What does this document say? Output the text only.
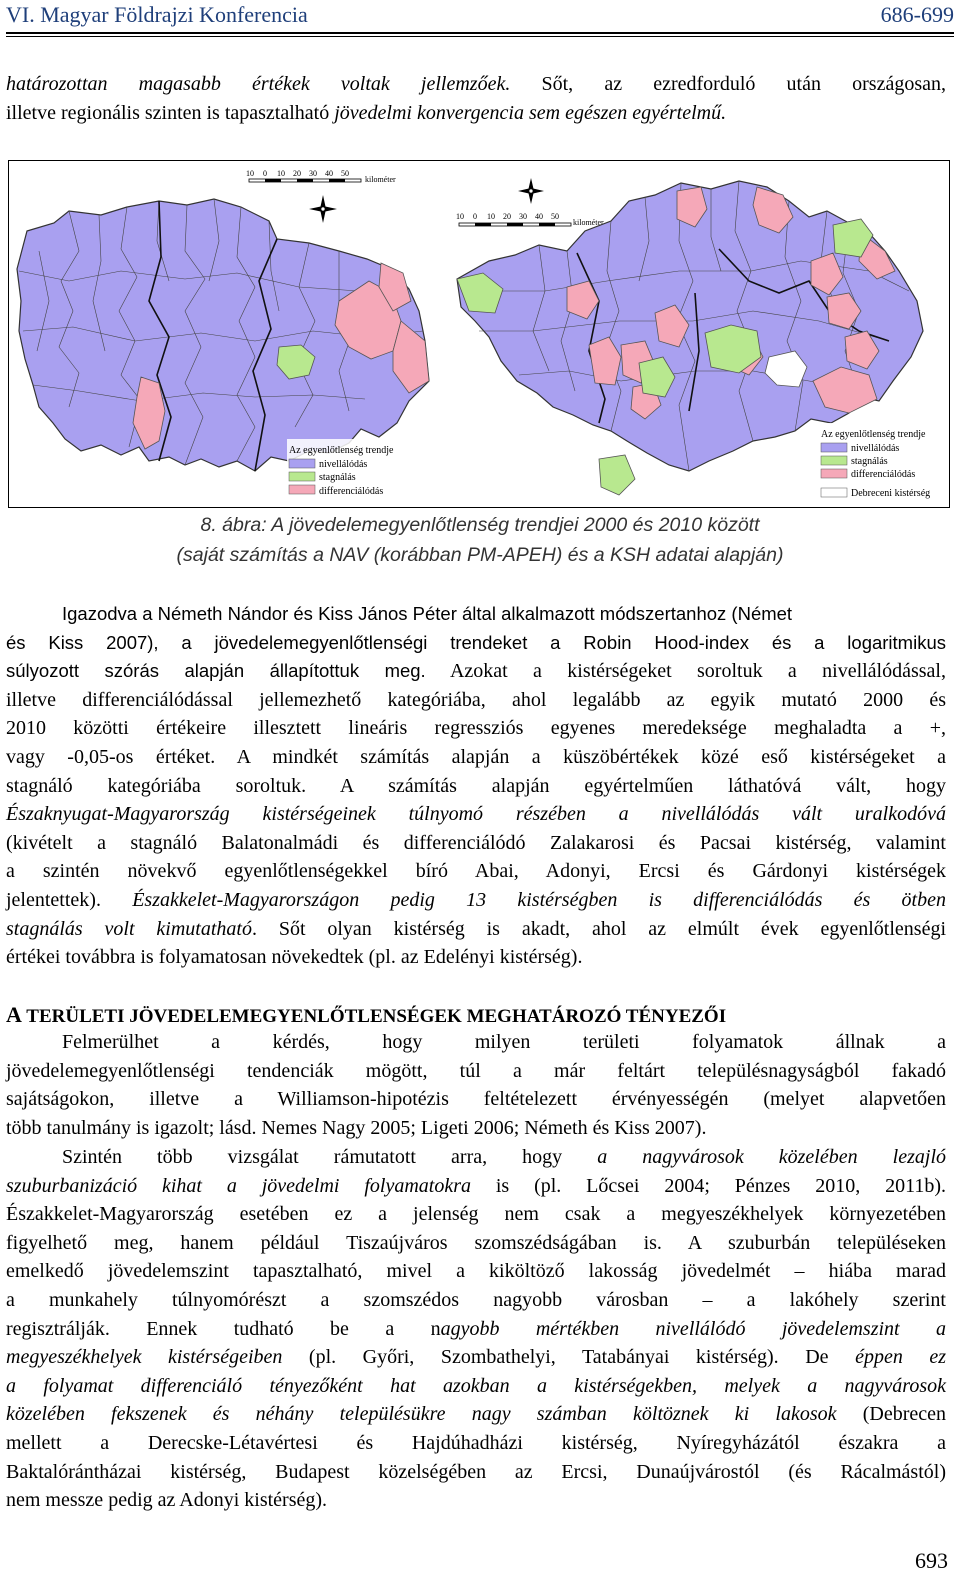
VI. Magyar Földrajzi Konferencia	686-699
határozottan magasabb értékek voltak jellemzőek. Sőt, az ezredforduló után országosan,
illetve regionális szinten is tapasztalható jövedelmi konvergencia sem egészen egyértelmű.
10 0 10 20 30 40 50
kilométer
Az egyenlőtlenség trendje
nivellálódás
stagnálás
differenciálódás
10 0 10 20 30 40 50
kilométer
Az egyenlőtlenség trendje
nivellálódás
stagnálás
differenciálódás
Debreceni kistérség
8. ábra: A jövedelemegyenlőtlenség trendjei 2000 és 2010 között
(saját számítás a NAV (korábban PM-APEH) és a KSH adatai alapján)
Igazodva a Németh Nándor és Kiss János Péter által alkalmazott módszertanhoz (Német
és Kiss 2007), a jövedelemegyenlőtlenségi trendeket a Robin Hood-index és a logaritmikus
súlyozott szórás alapján állapítottuk meg. Azokat a kistérségeket soroltuk a nivellálódással,
illetve differenciálódással jellemezhető kategóriába, ahol legalább az egyik mutató 2000 és
2010 közötti értékeire illesztett lineáris regressziós egyenes meredeksége meghaladta a +,
vagy -0,05-os értéket. A mindkét számítás alapján a küszöbértékek közé eső kistérségeket a
stagnáló kategóriába soroltuk. A számítás alapján egyértelműen láthatóvá vált, hogy
Északnyugat-Magyarország kistérségeinek túlnyomó részében a nivellálódás vált uralkodóvá
(kivételt a stagnáló Balatonalmádi és differenciálódó Zalakarosi és Pacsai kistérség, valamint
a szintén növekvő egyenlőtlenségekkel bíró Abai, Adonyi, Ercsi és Gárdonyi kistérségek
jelentettek). Északkelet-Magyarországon pedig 13 kistérségben is differenciálódás és ötben
stagnálás volt kimutatható. Sőt olyan kistérség is akadt, ahol az elmúlt évek egyenlőtlenségi
értékei továbbra is folyamatosan növekedtek (pl. az Edelényi kistérség).
A TERÜLETI JÖVEDELEMEGYENLŐTLENSÉGEK MEGHATÁROZÓ TÉNYEZŐI
Felmerülhet a kérdés, hogy milyen területi folyamatok állnak a
jövedelemegyenlőtlenségi tendenciák mögött, túl a már feltárt településnagyságból fakadó
sajátságokon, illetve a Williamson-hipotézis feltételezett érvényességén (melyet alapvetően
több tanulmány is igazolt; lásd. Nemes Nagy 2005; Ligeti 2006; Németh és Kiss 2007).
Szintén több vizsgálat rámutatott arra, hogy a nagyvárosok közelében lezajló
szuburbanizáció kihat a jövedelmi folyamatokra is (pl. Lőcsei 2004; Pénzes 2010, 2011b).
Északkelet-Magyarország esetében ez a jelenség nem csak a megyeszékhelyek környezetében
figyelhető meg, hanem például Tiszaújváros szomszédságában is. A szuburbán településeken
emelkedő jövedelemszint tapasztalható, mivel a kiköltöző lakosság jövedelmét – hiába marad
a munkahely túlnyomórészt a szomszédos nagyobb városban – a lakóhely szerint
regisztrálják. Ennek tudható be a nagyobb mértékben nivellálódó jövedelemszint a
megyeszékhelyek kistérségeiben (pl. Győri, Szombathelyi, Tatabányai kistérség). De éppen ez
a folyamat differenciáló tényezőként hat azokban a kistérségekben, melyek a nagyvárosok
közelében fekszenek és néhány településükre nagy számban költöznek ki lakosok (Debrecen
mellett a Derecske-Létavértesi és Hajdúhadházi kistérség, Nyíregyházától északra a
Baktalórántházai kistérség, Budapest közelségében az Ercsi, Dunaújvárostól (és Rácalmástól)
nem messze pedig az Adonyi kistérség).
693
